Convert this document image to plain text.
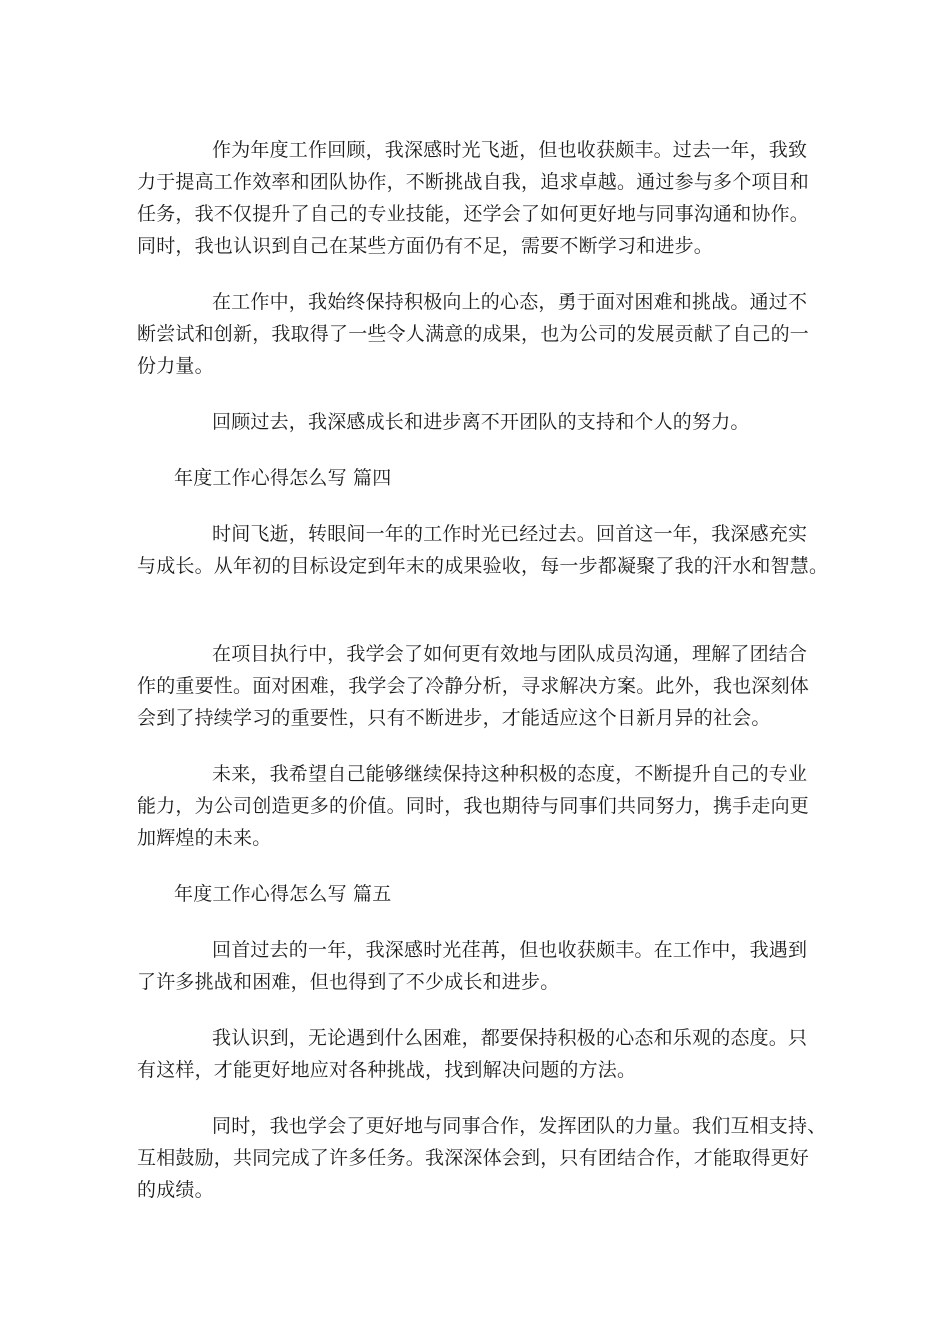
作为年度工作回顾，我深感时光飞逝，但也收获颇丰。过去一年，我致
力于提高工作效率和团队协作，不断挑战自我，追求卓越。通过参与多个项目和
任务，我不仅提升了自己的专业技能，还学会了如何更好地与同事沟通和协作。
同时，我也认识到自己在某些方面仍有不足，需要不断学习和进步。
在工作中，我始终保持积极向上的心态，勇于面对困难和挑战。通过不
断尝试和创新，我取得了一些令人满意的成果，也为公司的发展贡献了自己的一
份力量。
回顾过去，我深感成长和进步离不开团队的支持和个人的努力。
年度工作心得怎么写 篇四
时间飞逝，转眼间一年的工作时光已经过去。回首这一年，我深感充实
与成长。从年初的目标设定到年末的成果验收，每一步都凝聚了我的汗水和智慧。
在项目执行中，我学会了如何更有效地与团队成员沟通，理解了团结合
作的重要性。面对困难，我学会了冷静分析，寻求解决方案。此外，我也深刻体
会到了持续学习的重要性，只有不断进步，才能适应这个日新月异的社会。
未来，我希望自己能够继续保持这种积极的态度，不断提升自己的专业
能力，为公司创造更多的价值。同时，我也期待与同事们共同努力，携手走向更
加辉煌的未来。
年度工作心得怎么写 篇五
回首过去的一年，我深感时光荏苒，但也收获颇丰。在工作中，我遇到
了许多挑战和困难，但也得到了不少成长和进步。
我认识到，无论遇到什么困难，都要保持积极的心态和乐观的态度。只
有这样，才能更好地应对各种挑战，找到解决问题的方法。
同时，我也学会了更好地与同事合作，发挥团队的力量。我们互相支持、
互相鼓励，共同完成了许多任务。我深深体会到，只有团结合作，才能取得更好
的成绩。
